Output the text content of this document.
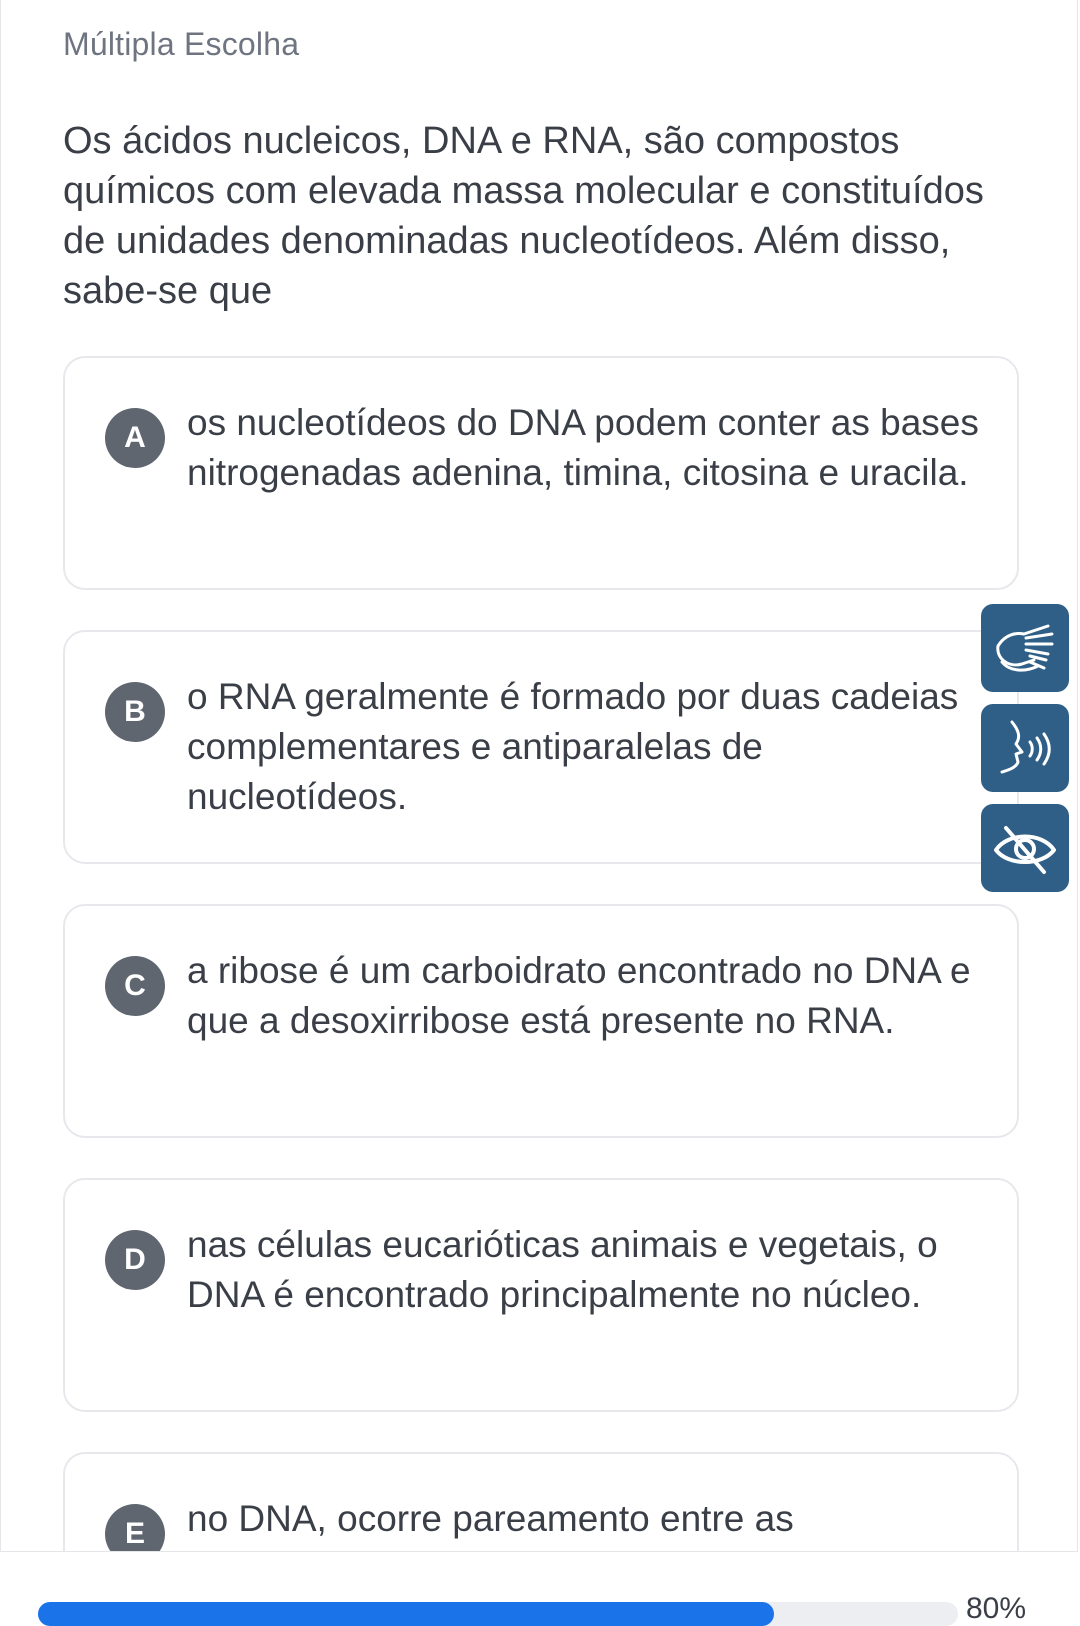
Múltipla Escolha
Os ácidos nucleicos, DNA e RNA, são compostos químicos com elevada massa molecular e constituídos de unidades denominadas nucleotídeos. Além disso, sabe-se que
A	os nucleotídeos do DNA podem conter as bases nitrogenadas adenina, timina, citosina e uracila.
B	o RNA geralmente é formado por duas cadeias complementares e antiparalelas de nucleotídeos.
C	a ribose é um carboidrato encontrado no DNA e que a desoxirribose está presente no RNA.
D	nas células eucarióticas animais e vegetais, o DNA é encontrado principalmente no núcleo.
E	no DNA, ocorre pareamento entre as
80%
